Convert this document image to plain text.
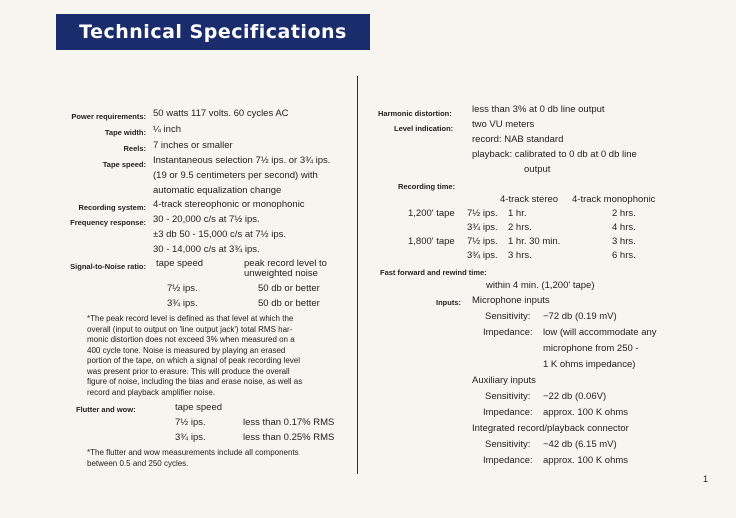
Technical Specifications
Power requirements: 50 watts 117 volts. 60 cycles AC
Tape width: ¼ inch
Reels: 7 inches or smaller
Tape speed: Instantaneous selection 7½ ips. or 3¾ ips.
(19 or 9.5 centimeters per second) with
automatic equalization change
Recording system: 4-track stereophonic or monophonic
Frequency response: 30 - 20,000 c/s at 7½ ips.
±3 db 50 - 15,000 c/s at 7½ ips.
30 - 14,000 c/s at 3¾ ips.
Signal-to-Noise ratio: tape speed	peak record level to
unweighted noise
7½ ips.	50 db or better
3¾ ips.	50 db or better
*The peak record level is defined as that level at which the
overall (input to output on 'line output jack') total RMS har-
monic distortion does not exceed 3% when measured on a
400 cycle tone. Noise is measured by playing an erased
portion of the tape, on which a signal of peak recording level
was present prior to erasure. This will produce the overall
figure of noise, including the bias and erase noise, as well as
record and playback amplifier noise.
Flutter and wow:	tape speed
7½ ips.	less than 0.17% RMS
3¾ ips.	less than 0.25% RMS
*The flutter and wow measurements include all components
between 0.5 and 250 cycles.
Harmonic distortion: less than 3% at 0 db line output
Level indication: two VU meters
record: NAB standard
playback: calibrated to 0 db at 0 db line
output
Recording time:
4-track stereo 4-track monophonic
1,200' tape 7½ ips. 1 hr.	2 hrs.
3¾ ips. 2 hrs.	4 hrs.
1,800' tape 7½ ips. 1 hr. 30 min.	3 hrs.
3¾ ips. 3 hrs.	6 hrs.
Fast forward and rewind time:
within 4 min. (1,200' tape)
Inputs: Microphone inputs
Sensitivity: −72 db (0.19 mV)
Impedance: low (will accommodate any
microphone from 250 -
1 K ohms impedance)
Auxiliary inputs
Sensitivity: −22 db (0.06V)
Impedance: approx. 100 K ohms
Integrated record/playback connector
Sensitivity: −42 db (6.15 mV)
Impedance: approx. 100 K ohms
1
